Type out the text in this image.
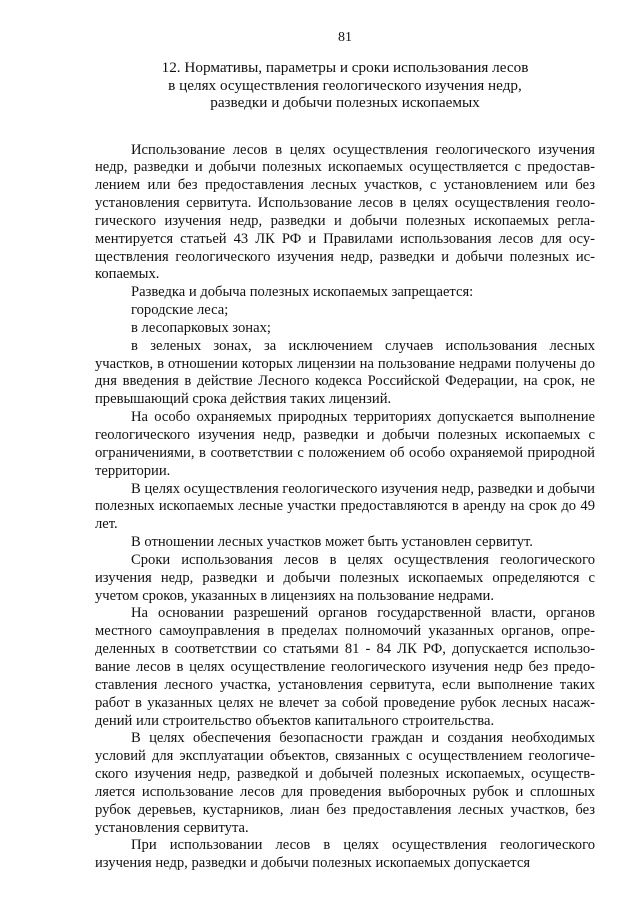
81
12. Нормативы, параметры и сроки использования лесов
в целях осуществления геологического изучения недр,
разведки и добычи полезных ископаемых

Использование лесов в целях осуществления геологического изучения недр, разведки и добычи полезных ископаемых осуществляется с предоставлением или без предоставления лесных участков, с установлением или без установления сервитута. Использование лесов в целях осуществления геологического изучения недр, разведки и добычи полезных ископаемых регламентируется статьей 43 ЛК РФ и Правилами использования лесов для осуществления геологического изучения недр, разведки и добычи полезных ископаемых.

Разведка и добыча полезных ископаемых запрещается:

городские леса;

в лесопарковых зонах;

в зеленых зонах, за исключением случаев использования лесных участков, в отношении которых лицензии на пользование недрами получены до дня введения в действие Лесного кодекса Российской Федерации, на срок, не превышающий срока действия таких лицензий.

На особо охраняемых природных территориях допускается выполнение геологического изучения недр, разведки и добычи полезных ископаемых с ограничениями, в соответствии с положением об особо охраняемой природной территории.

В целях осуществления геологического изучения недр, разведки и добычи полезных ископаемых лесные участки предоставляются в аренду на срок до 49 лет.

В отношении лесных участков может быть установлен сервитут.

Сроки использования лесов в целях осуществления геологического изучения недр, разведки и добычи полезных ископаемых определяются с учетом сроков, указанных в лицензиях на пользование недрами.

На основании разрешений органов государственной власти, органов местного самоуправления в пределах полномочий указанных органов, определенных в соответствии со статьями 81 - 84 ЛК РФ, допускается использование лесов в целях осуществление геологического изучения недр без предоставления лесного участка, установления сервитута, если выполнение таких работ в указанных целях не влечет за собой проведение рубок лесных насаждений или строительство объектов капитального строительства.

В целях обеспечения безопасности граждан и создания необходимых условий для эксплуатации объектов, связанных с осуществлением геологического изучения недр, разведкой и добычей полезных ископаемых, осуществляется использование лесов для проведения выборочных рубок и сплошных рубок деревьев, кустарников, лиан без предоставления лесных участков, без установления сервитута.

При использовании лесов в целях осуществления геологического изучения недр, разведки и добычи полезных ископаемых допускается
